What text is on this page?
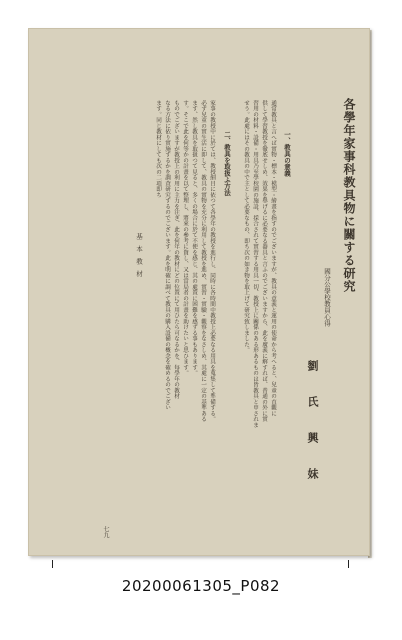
各學年家事科教具物に關する研究
國分公學校教員心得
劉　氏　興　妹
一、教具の意義
通常教具と言へば實物・標本・模型・繪畫を指すのでございますが、教具の意義と運用の使命から考へると、兒童の直觀に
供して學習教授を徹底せしめ、效果を舉げるに必要なる器具と言ふのでございますから、此を廣義に解すれば、普通の外に實
習用の材料・設備・用具乃至學校園の施設、採合されて實習する用具一切、教授上に關係のある形あるものは皆教具と申されま
せう。此處にはその教具の中で主として必要なもの、即ち次の如き物を取上げて研究致しました。
二、教具を取扱ふ方法
家事の教授中に於ては、教授細目に依つて各學年の教授を進行し、同時に各時間中教授上必要なる用具を蒐集して準備する。
必ず兒童の實生活に即して、教具の實物を充分に利用して教授を進め、實習・實驗・觀察をなさしめ、其處に一定の基準ある
ます、然し教具を取扱つて見ると、多くの場合に於て不便を感じ、其の處置に困難を感ずる事もあります。
す。そこで此を何等かの計畫を以て整理し、將來の參考に資し、又は當局者の計畫を助けたいと思ひます。
ものでございますが教授上の利用に主力を注ぎ、此を何年の教材にどの位置にて用ひたら可なるかを、每學年の教材
なる方法に依り實施するかを調査研究するのでございます。此を明確に調べて教具の購入設備の概念を確めるのでござい
ます。同じ教材にしても次の二項即ち
基本教材
七九
20200061305_P082
